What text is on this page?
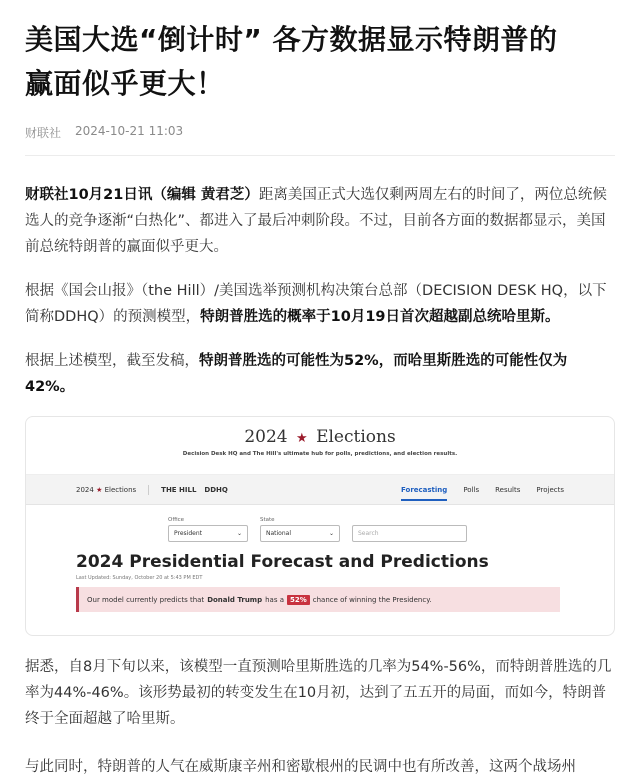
美国大选“倒计时” 各方数据显示特朗普的
赢面似乎更大！
财联社 2024-10-21 11:03

财联社10月21日讯（编辑 黄君芝）距离美国正式大选仅剩两周左右的时间了，两位总统候选人的竞争逐渐“白热化”、都进入了最后冲刺阶段。不过，目前各方面的数据都显示，美国前总统特朗普的赢面似乎更大。

根据《国会山报》（the Hill）/美国选举预测机构决策台总部（DECISION DESK HQ，以下简称DDHQ）的预测模型，特朗普胜选的概率于10月19日首次超越副总统哈里斯。

根据上述模型，截至发稿，特朗普胜选的可能性为52%，而哈里斯胜选的可能性仅为42%。

2024 ★ Elections
Decision Desk HQ and The Hill's ultimate hub for polls, predictions, and election results.
2024 ★ Elections	THE HILL DDHQ	Forecasting Polls Results Projects
Office
President	⌄
State
National	⌄
	Search
2024 Presidential Forecast and Predictions
Last Updated: Sunday, October 20 at 5:43 PM EDT
Our model currently predicts that Donald Trump has a 52% chance of winning the Presidency.

据悉，自8月下旬以来，该模型一直预测哈里斯胜选的几率为54%-56%，而特朗普胜选的几率为44%-46%。该形势最初的转变发生在10月初，达到了五五开的局面，而如今，特朗普终于全面超越了哈里斯。

与此同时，特朗普的人气在威斯康辛州和密歇根州的民调中也有所改善，这两个战场州
